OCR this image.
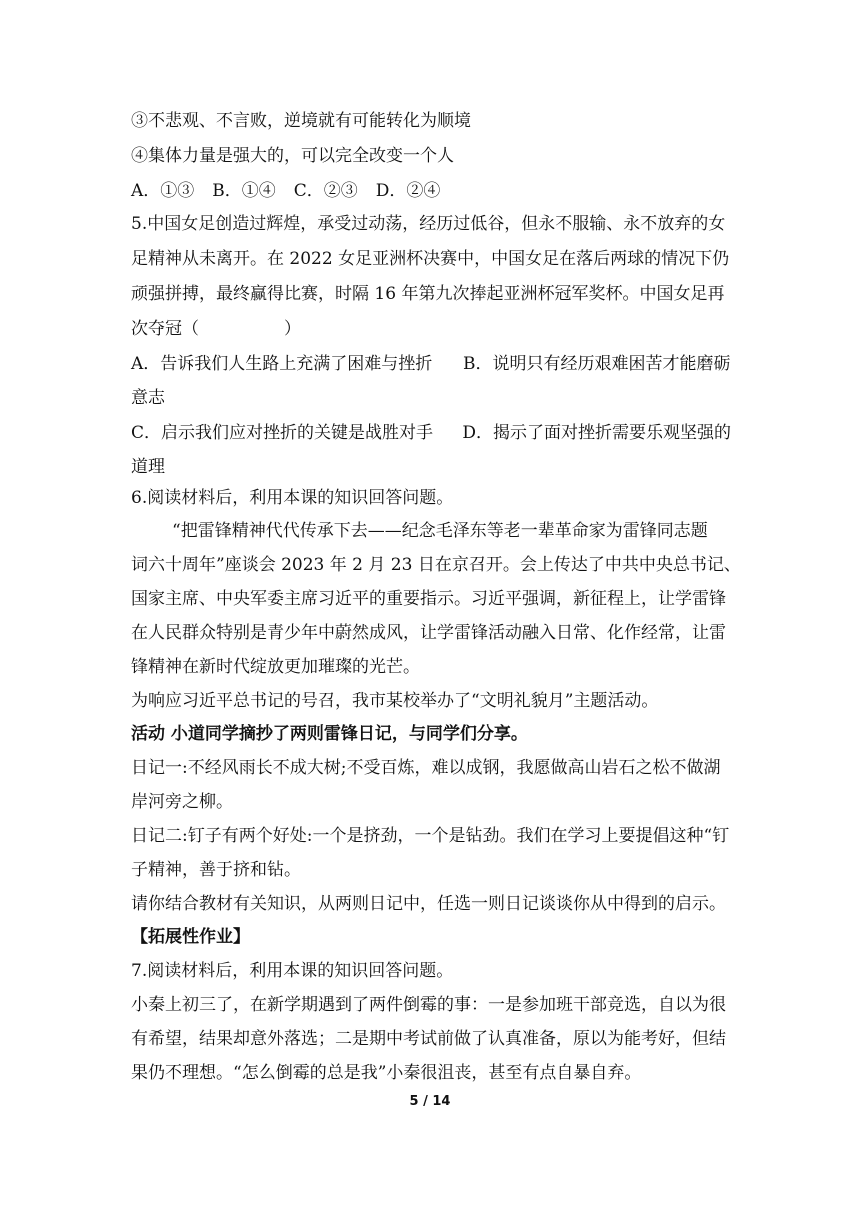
③不悲观、不言败，逆境就有可能转化为顺境
④集体力量是强大的，可以完全改变一个人
A．①③ B．①④ C．②③ D．②④
5.中国女足创造过辉煌，承受过动荡，经历过低谷，但永不服输、永不放弃的女
足精神从未离开。在 2022 女足亚洲杯决赛中，中国女足在落后两球的情况下仍
顽强拼搏，最终赢得比赛，时隔 16 年第九次捧起亚洲杯冠军奖杯。中国女足再
次夺冠（　　　　　）
A．告诉我们人生路上充满了困难与挫折	B．说明只有经历艰难困苦才能磨砺
意志
C．启示我们应对挫折的关键是战胜对手	D．揭示了面对挫折需要乐观坚强的
道理
6.阅读材料后，利用本课的知识回答问题。
“把雷锋精神代代传承下去——纪念毛泽东等老一辈革命家为雷锋同志题
词六十周年”座谈会 2023 年 2 月 23 日在京召开。会上传达了中共中央总书记、
国家主席、中央军委主席习近平的重要指示。习近平强调，新征程上，让学雷锋
在人民群众特别是青少年中蔚然成风，让学雷锋活动融入日常、化作经常，让雷
锋精神在新时代绽放更加璀璨的光芒。
为响应习近平总书记的号召，我市某校举办了“文明礼貌月”主题活动。
活动 小道同学摘抄了两则雷锋日记，与同学们分享。
日记一:不经风雨长不成大树;不受百炼，难以成钢，我愿做高山岩石之松不做湖
岸河旁之柳。
日记二:钉子有两个好处:一个是挤劲，一个是钻劲。我们在学习上要提倡这种“钉
子精神，善于挤和钻。
请你结合教材有关知识，从两则日记中，任选一则日记谈谈你从中得到的启示。
【拓展性作业】
7.阅读材料后，利用本课的知识回答问题。
小秦上初三了，在新学期遇到了两件倒霉的事：一是参加班干部竞选，自以为很
有希望，结果却意外落选；二是期中考试前做了认真准备，原以为能考好，但结
果仍不理想。“怎么倒霉的总是我”小秦很沮丧，甚至有点自暴自弃。
5 / 14
